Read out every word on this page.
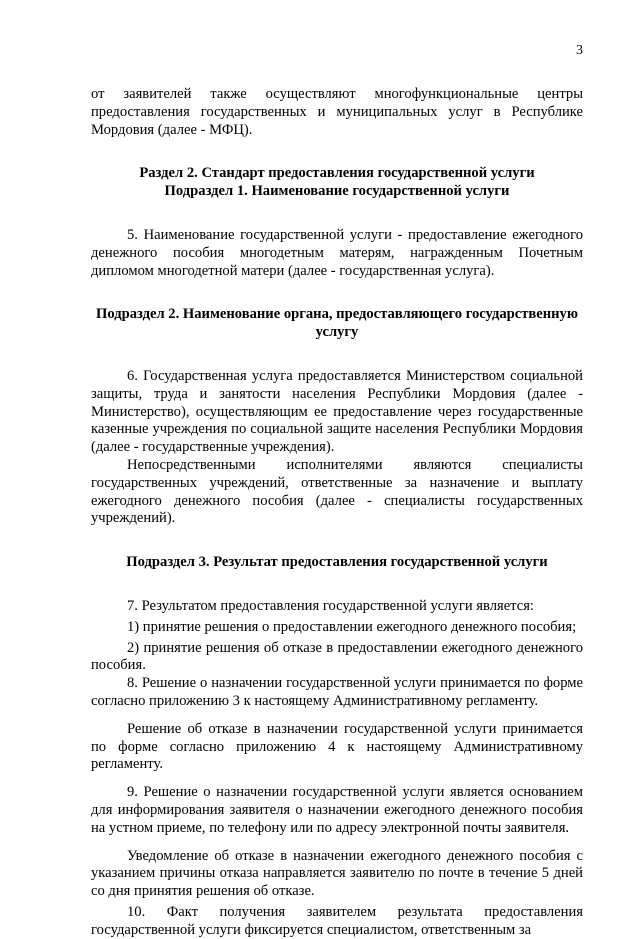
3

от заявителей также осуществляют многофункциональные центры предоставления государственных и муниципальных услуг в Республике Мордовия (далее - МФЦ).

Раздел 2. Стандарт предоставления государственной услуги

Подраздел 1. Наименование государственной услуги

5. Наименование государственной услуги - предоставление ежегодного денежного пособия многодетным матерям, награжденным Почетным дипломом многодетной матери (далее - государственная услуга).

Подраздел 2. Наименование органа, предоставляющего государственную услугу

6. Государственная услуга предоставляется Министерством социальной защиты, труда и занятости населения Республики Мордовия (далее - Министерство), осуществляющим ее предоставление через государственные казенные учреждения по социальной защите населения Республики Мордовия (далее - государственные учреждения).

Непосредственными исполнителями являются специалисты государственных учреждений, ответственные за назначение и выплату ежегодного денежного пособия (далее - специалисты государственных учреждений).

Подраздел 3. Результат предоставления государственной услуги

7. Результатом предоставления государственной услуги является:

1) принятие решения о предоставлении ежегодного денежного пособия;

2) принятие решения об отказе в предоставлении ежегодного денежного пособия.

8. Решение о назначении государственной услуги принимается по форме согласно приложению 3 к настоящему Административному регламенту.

Решение об отказе в назначении государственной услуги принимается по форме согласно приложению 4 к настоящему Административному регламенту.

9. Решение о назначении государственной услуги является основанием для информирования заявителя о назначении ежегодного денежного пособия на устном приеме, по телефону или по адресу электронной почты заявителя.

Уведомление об отказе в назначении ежегодного денежного пособия с указанием причины отказа направляется заявителю по почте в течение 5 дней со дня принятия решения об отказе.

10. Факт получения заявителем результата предоставления государственной услуги фиксируется специалистом, ответственным за
